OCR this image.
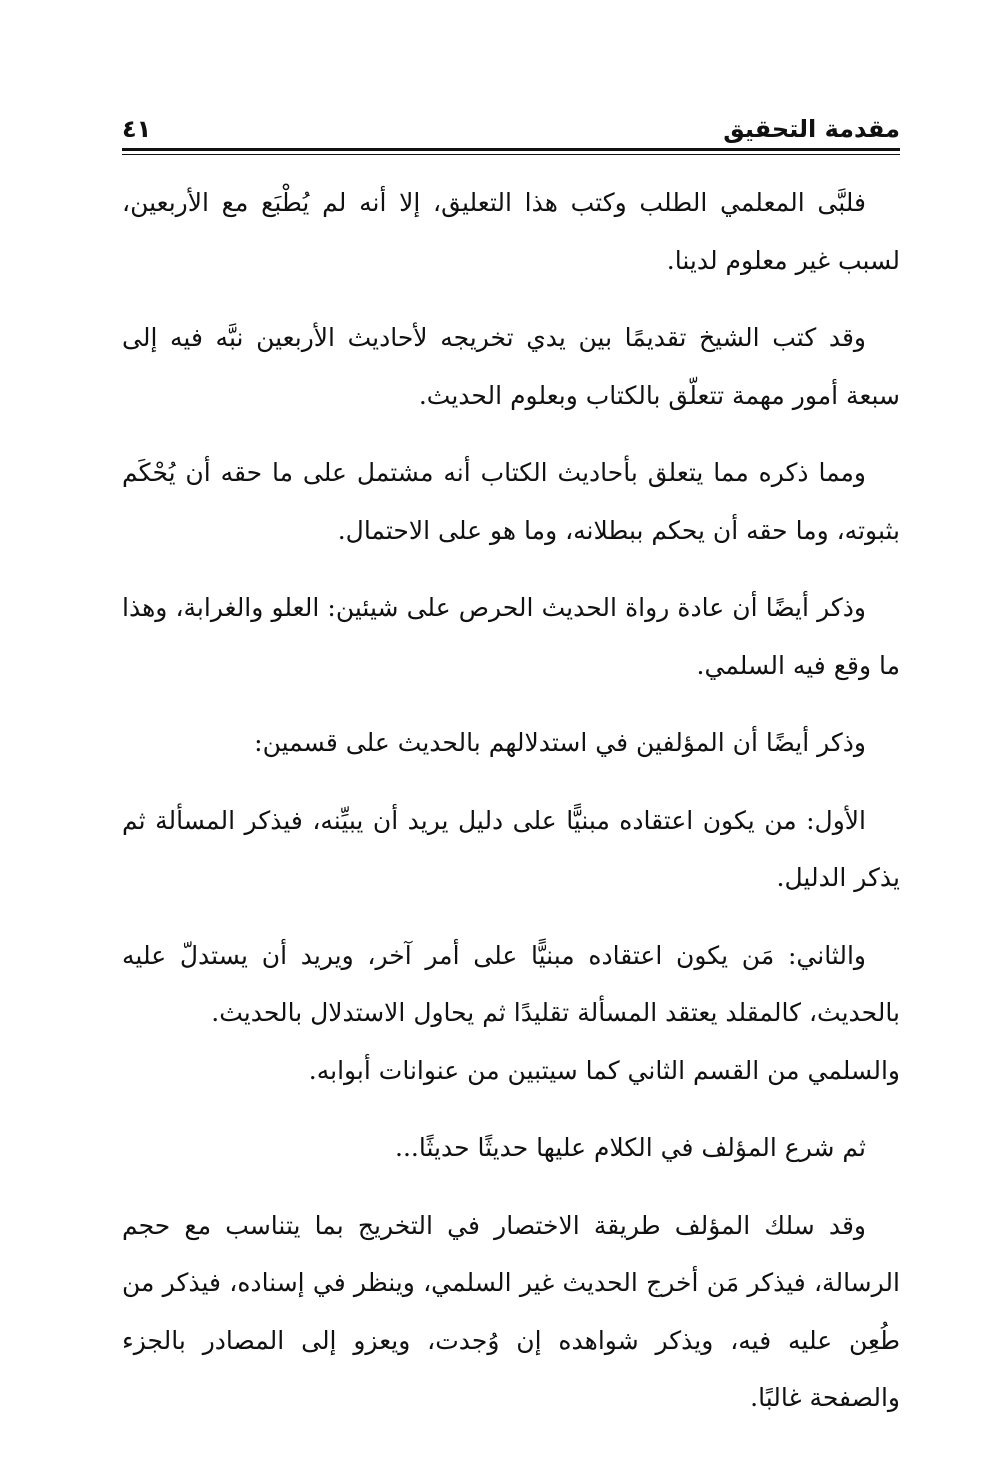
مقدمة التحقيق
٤١

فلبَّى المعلمي الطلب وكتب هذا التعليق، إلا أنه لم يُطْبَع مع الأربعين، لسبب غير معلوم لدينا.

وقد كتب الشيخ تقديمًا بين يدي تخريجه لأحاديث الأربعين نبَّه فيه إلى سبعة أمور مهمة تتعلّق بالكتاب وبعلوم الحديث.

ومما ذكره مما يتعلق بأحاديث الكتاب أنه مشتمل على ما حقه أن يُحْكَم بثبوته، وما حقه أن يحكم ببطلانه، وما هو على الاحتمال.

وذكر أيضًا أن عادة رواة الحديث الحرص على شيئين: العلو والغرابة، وهذا ما وقع فيه السلمي.

وذكر أيضًا أن المؤلفين في استدلالهم بالحديث على قسمين:

الأول: من يكون اعتقاده مبنيًّا على دليل يريد أن يبيِّنه، فيذكر المسألة ثم يذكر الدليل.

والثاني: مَن يكون اعتقاده مبنيًّا على أمر آخر، ويريد أن يستدلّ عليه بالحديث، كالمقلد يعتقد المسألة تقليدًا ثم يحاول الاستدلال بالحديث.

والسلمي من القسم الثاني كما سيتبين من عنوانات أبوابه.

ثم شرع المؤلف في الكلام عليها حديثًا حديثًا...

وقد سلك المؤلف طريقة الاختصار في التخريج بما يتناسب مع حجم الرسالة، فيذكر مَن أخرج الحديث غير السلمي، وينظر في إسناده، فيذكر من طُعِن عليه فيه، ويذكر شواهده إن وُجدت، ويعزو إلى المصادر بالجزء والصفحة غالبًا.
